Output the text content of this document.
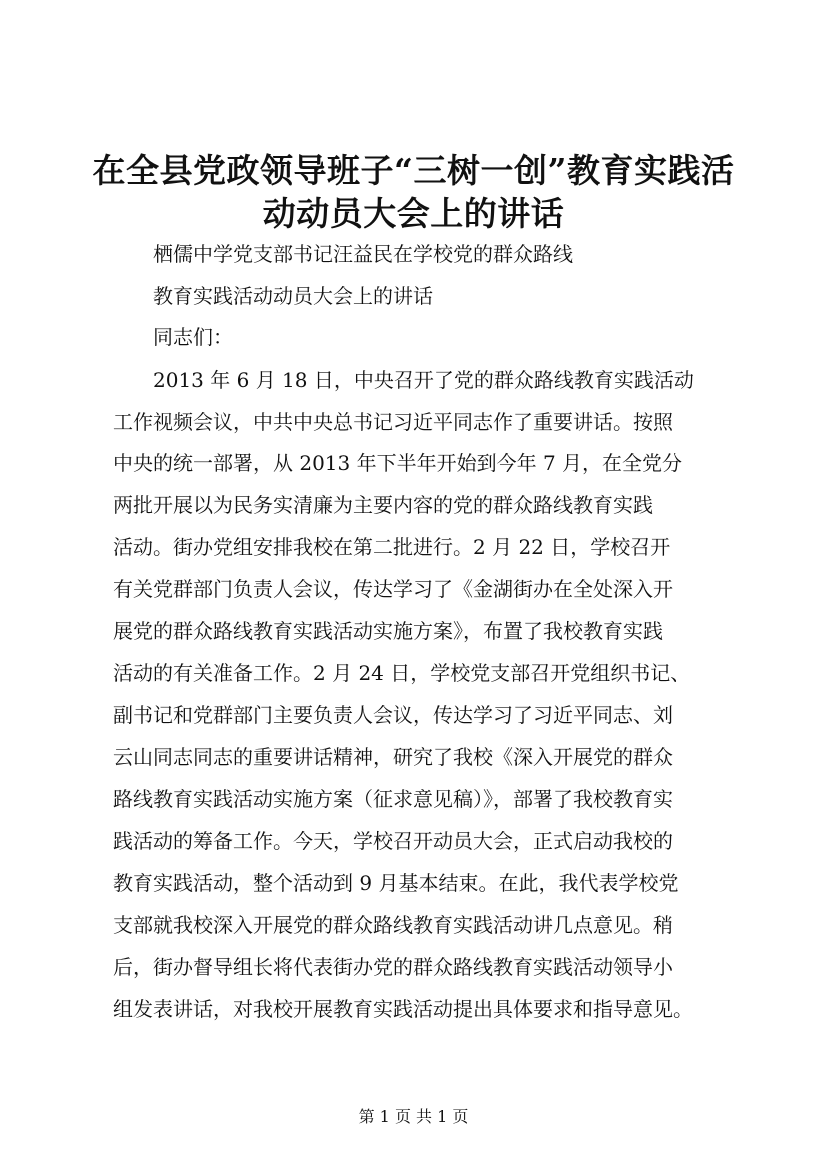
在全县党政领导班子“三树一创”教育实践活
动动员大会上的讲话

栖儒中学党支部书记汪益民在学校党的群众路线

教育实践活动动员大会上的讲话

同志们：

2013 年 6 月 18 日，中央召开了党的群众路线教育实践活动

工作视频会议，中共中央总书记习近平同志作了重要讲话。按照

中央的统一部署，从 2013 年下半年开始到今年 7 月，在全党分

两批开展以为民务实清廉为主要内容的党的群众路线教育实践

活动。街办党组安排我校在第二批进行。2 月 22 日，学校召开

有关党群部门负责人会议，传达学习了《金湖街办在全处深入开

展党的群众路线教育实践活动实施方案》，布置了我校教育实践

活动的有关准备工作。2 月 24 日，学校党支部召开党组织书记、

副书记和党群部门主要负责人会议，传达学习了习近平同志、刘

云山同志同志的重要讲话精神，研究了我校《深入开展党的群众

路线教育实践活动实施方案（征求意见稿）》，部署了我校教育实

践活动的筹备工作。今天，学校召开动员大会，正式启动我校的

教育实践活动，整个活动到 9 月基本结束。在此，我代表学校党

支部就我校深入开展党的群众路线教育实践活动讲几点意见。稍

后，街办督导组长将代表街办党的群众路线教育实践活动领导小

组发表讲话，对我校开展教育实践活动提出具体要求和指导意见。

第 1 页 共 1 页
